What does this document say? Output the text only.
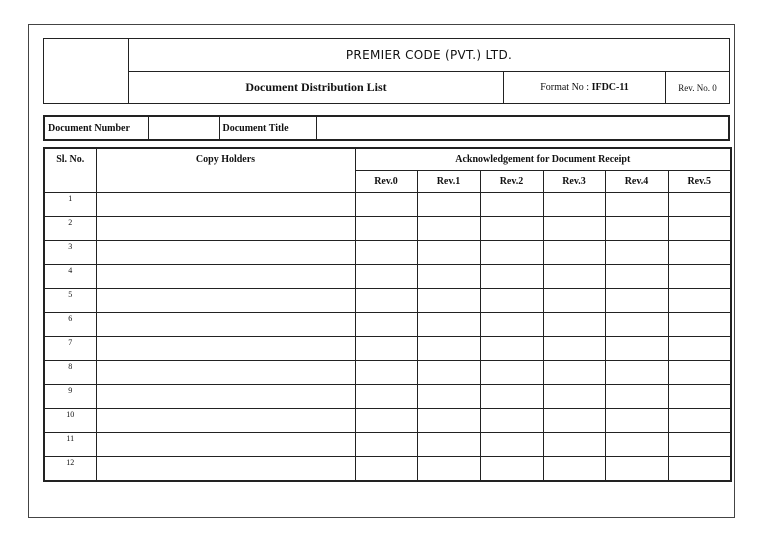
	PREMIER CODE (PVT.) LTD.		
	Document Distribution List	Format No : IFDC-11	Rev. No. 0
Document Number		Document Title	
Sl. No.	Copy Holders	Acknowledgement for Document Receipt					
		Rev.0	Rev.1	Rev.2	Rev.3	Rev.4	Rev.5
1							
2							
3							
4							
5							
6							
7							
8							
9							
10							
11							
12							
